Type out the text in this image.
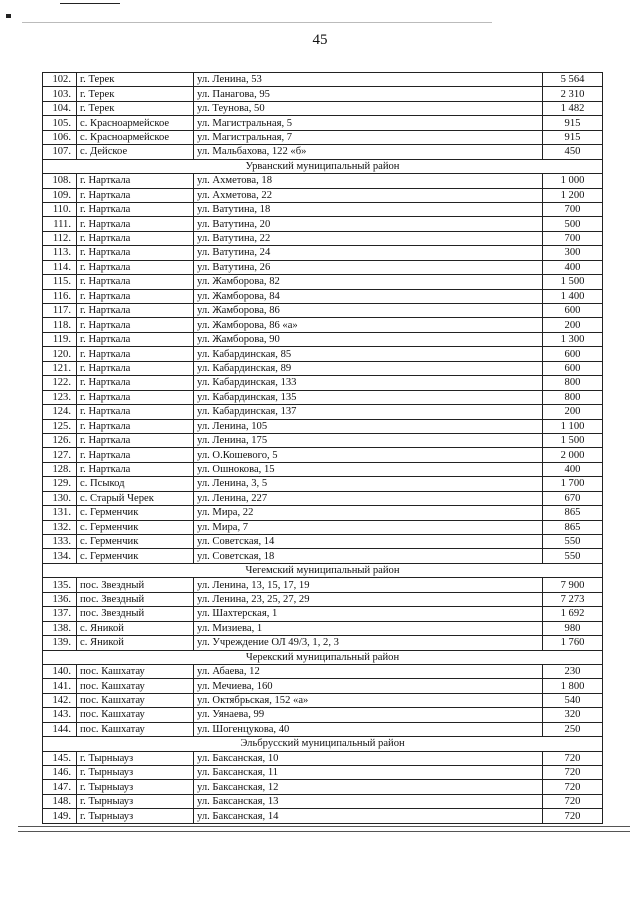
45
102.	г. Терек	ул. Ленина, 53	5 564
103.	г. Терек	ул. Панагова, 95	2 310
104.	г. Терек	ул. Теунова, 50	1 482
105.	с. Красноармейское	ул. Магистральная, 5	915
106.	с. Красноармейское	ул. Магистральная, 7	915
107.	с. Дейское	ул. Мальбахова, 122 «б»	450
Урванский муниципальный район			
108.	г. Нарткала	ул. Ахметова, 18	1 000
109.	г. Нарткала	ул. Ахметова, 22	1 200
110.	г. Нарткала	ул. Ватутина, 18	700
111.	г. Нарткала	ул. Ватутина, 20	500
112.	г. Нарткала	ул. Ватутина, 22	700
113.	г. Нарткала	ул. Ватутина, 24	300
114.	г. Нарткала	ул. Ватутина, 26	400
115.	г. Нарткала	ул. Жамборова, 82	1 500
116.	г. Нарткала	ул. Жамборова, 84	1 400
117.	г. Нарткала	ул. Жамборова, 86	600
118.	г. Нарткала	ул. Жамборова, 86 «а»	200
119.	г. Нарткала	ул. Жамборова, 90	1 300
120.	г. Нарткала	ул. Кабардинская, 85	600
121.	г. Нарткала	ул. Кабардинская, 89	600
122.	г. Нарткала	ул. Кабардинская, 133	800
123.	г. Нарткала	ул. Кабардинская, 135	800
124.	г. Нарткала	ул. Кабардинская, 137	200
125.	г. Нарткала	ул. Ленина, 105	1 100
126.	г. Нарткала	ул. Ленина, 175	1 500
127.	г. Нарткала	ул. О.Кошевого, 5	2 000
128.	г. Нарткала	ул. Ошнокова, 15	400
129.	с. Псыкод	ул. Ленина, 3, 5	1 700
130.	с. Старый Черек	ул. Ленина, 227	670
131.	с. Герменчик	ул. Мира, 22	865
132.	с. Герменчик	ул. Мира, 7	865
133.	с. Герменчик	ул. Советская, 14	550
134.	с. Герменчик	ул. Советская, 18	550
Чегемский муниципальный район			
135.	пос. Звездный	ул. Ленина, 13, 15, 17, 19	7 900
136.	пос. Звездный	ул. Ленина, 23, 25, 27, 29	7 273
137.	пос. Звездный	ул. Шахтерская, 1	1 692
138.	с. Яникой	ул. Мизиева, 1	980
139.	с. Яникой	ул. Учреждение ОЛ 49/3, 1, 2, 3	1 760
Черекский муниципальный район			
140.	пос. Кашхатау	ул. Абаева, 12	230
141.	пос. Кашхатау	ул. Мечиева, 160	1 800
142.	пос. Кашхатау	ул. Октябрьская, 152 «а»	540
143.	пос. Кашхатау	ул. Уянаева, 99	320
144.	пос. Кашхатау	ул. Шогенцукова, 40	250
Эльбрусский муниципальный район			
145.	г. Тырныауз	ул. Баксанская, 10	720
146.	г. Тырныауз	ул. Баксанская, 11	720
147.	г. Тырныауз	ул. Баксанская, 12	720
148.	г. Тырныауз	ул. Баксанская, 13	720
149.	г. Тырныауз	ул. Баксанская, 14	720
